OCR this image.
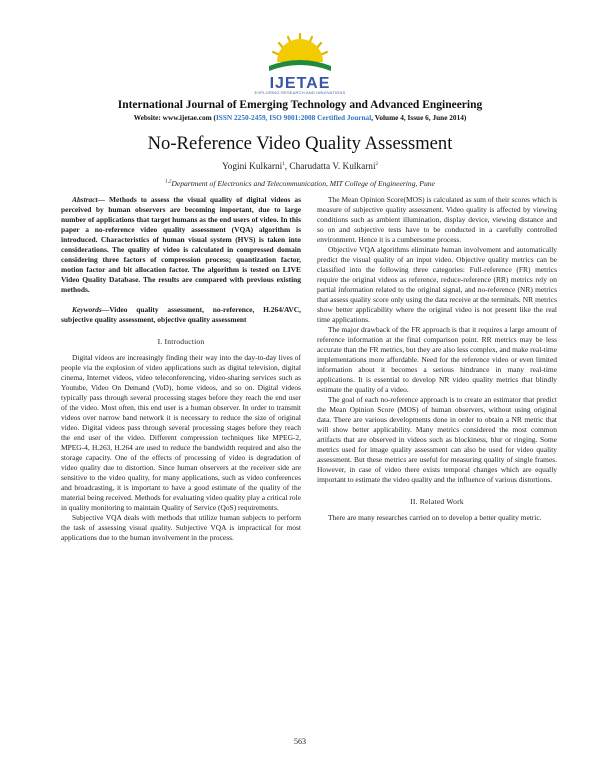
IJETAE
EXPLORING RESEARCH AND INNOVATIONS
International Journal of Emerging Technology and Advanced Engineering
Website: www.ijetae.com (ISSN 2250-2459, ISO 9001:2008 Certified Journal, Volume 4, Issue 6, June 2014)
No-Reference Video Quality Assessment
Yogini Kulkarni$^1$, Charudatta V. Kulkarni$^2$
$^{1,2}$Department of Electronics and Telecommunication, MIT College of Engineering, Pune

Abstract— Methods to assess the visual quality of digital videos as perceived by human observers are becoming important, due to large number of applications that target humans as the end users of video. In this paper a no-reference video quality assessment (VQA) algorithm is introduced. Characteristics of human visual system (HVS) is taken into considerations. The quality of video is calculated in compressed domain considering three factors of compression process; quantization factor, motion factor and bit allocation factor. The algorithm is tested on LIVE Video Quality Database. The results are compared with previous existing methods.

Keywords—Video quality assessment, no-reference, H.264/AVC, subjective quality assessment, objective quality assessment

I. Introduction

Digital videos are increasingly finding their way into the day-to-day lives of people via the explosion of video applications such as digital television, digital cinema, Internet videos, video teleconferencing, video-sharing services such as Youtube, Video On Demand (VoD), home videos, and so on. Digital videos typically pass through several processing stages before they reach the end user of the video. Most often, this end user is a human observer. In order to transmit videos over narrow band network it is necessary to reduce the size of original video. Digital videos pass through several processing stages before they reach the end user of the video. Different compression techniques like MPEG-2, MPEG-4, H.263, H.264 are used to reduce the bandwidth required and also the storage capacity. One of the effects of processing of video is degradation of video quality due to distortion. Since human observers at the receiver side are sensitive to the video quality, for many applications, such as video conferences and broadcasting, it is important to have a good estimate of the quality of the material being received. Methods for evaluating video quality play a critical role in quality monitoring to maintain Quality of Service (QoS) requirements.

Subjective VQA deals with methods that utilize human subjects to perform the task of assessing visual quality. Subjective VQA is impractical for most applications due to the human involvement in the process.

The Mean Opinion Score(MOS) is calculated as sum of their scores which is measure of subjective quality assessment. Video quality is affected by viewing conditions such as ambient illumination, display device, viewing distance and so on and subjective tests have to be conducted in a carefully controlled environment. Hence it is a cumbersome process.

Objective VQA algorithms eliminate human involvement and automatically predict the visual quality of an input video. Objective quality metrics can be classified into the following three categories: Full-reference (FR) metrics require the original videos as reference, reduce-reference (RR) metrics rely on partial information related to the original signal, and no-reference (NR) metrics that assess quality score only using the data receive at the terminals. NR metrics show better applicability where the original video is not present like the real time applications.

The major drawback of the FR approach is that it requires a large amount of reference information at the final comparison point. RR metrics may be less accurate than the FR metrics, but they are also less complex, and make real-time implementations more affordable. Need for the reference video or even limited information about it becomes a serious hindrance in many real-time applications. It is essential to develop NR video quality metrics that blindly estimate the quality of a video.

The goal of each no-reference approach is to create an estimator that predict the Mean Opinion Score (MOS) of human observers, without using original data. There are various developments done in order to obtain a NR metric that will show better applicability. Many metrics considered the most common artifacts that are observed in videos such as blockiness, blur or ringing. Some metrics used for image quality assessment can also be used for video quality assessment. But these metrics are useful for measuring quality of single frames. However, in case of video there exists temporal changes which are equally important to estimate the video quality and the influence of various distortions.

II. Related Work

There are many researches carried on to develop a better quality metric.

563
